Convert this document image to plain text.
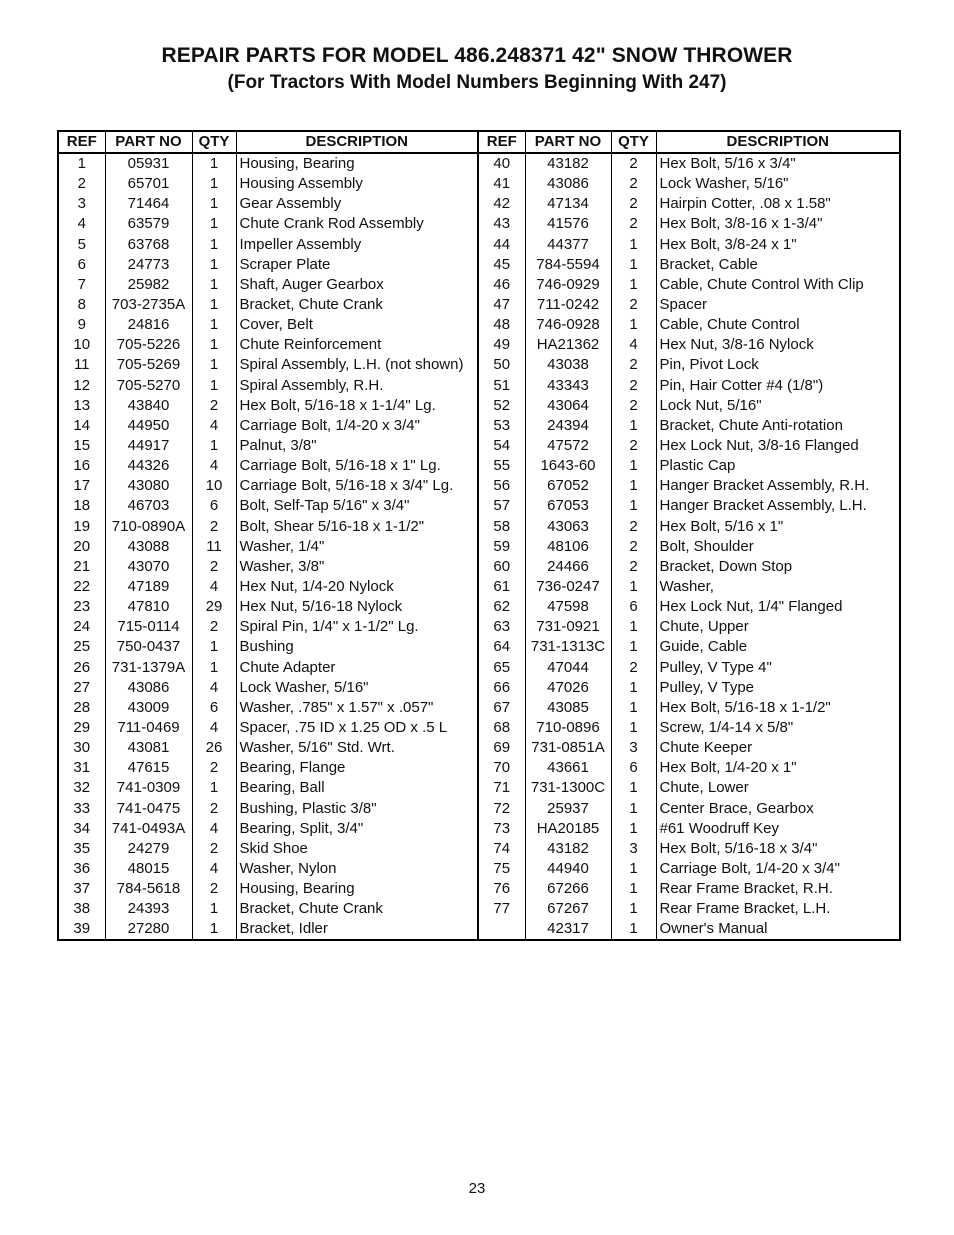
REPAIR PARTS FOR MODEL 486.248371 42" SNOW THROWER
(For Tractors With Model Numbers Beginning With 247)
REF	PART NO	QTY	DESCRIPTION	REF	PART NO	QTY	DESCRIPTION
1	05931	1	Housing, Bearing	40	43182	2	Hex Bolt, 5/16 x 3/4"
2	65701	1	Housing Assembly	41	43086	2	Lock Washer, 5/16"
3	71464	1	Gear Assembly	42	47134	2	Hairpin Cotter, .08 x 1.58"
4	63579	1	Chute Crank Rod Assembly	43	41576	2	Hex Bolt, 3/8-16 x 1-3/4"
5	63768	1	Impeller Assembly	44	44377	1	Hex Bolt, 3/8-24 x 1"
6	24773	1	Scraper Plate	45	784-5594	1	Bracket, Cable
7	25982	1	Shaft, Auger Gearbox	46	746-0929	1	Cable, Chute Control With Clip
8	703-2735A	1	Bracket, Chute Crank	47	711-0242	2	Spacer
9	24816	1	Cover, Belt	48	746-0928	1	Cable, Chute Control
10	705-5226	1	Chute Reinforcement	49	HA21362	4	Hex Nut, 3/8-16 Nylock
11	705-5269	1	Spiral Assembly, L.H. (not shown)	50	43038	2	Pin, Pivot Lock
12	705-5270	1	Spiral Assembly, R.H.	51	43343	2	Pin, Hair Cotter #4 (1/8")
13	43840	2	Hex Bolt, 5/16-18 x 1-1/4" Lg.	52	43064	2	Lock Nut, 5/16"
14	44950	4	Carriage Bolt, 1/4-20 x 3/4"	53	24394	1	Bracket, Chute Anti-rotation
15	44917	1	Palnut, 3/8"	54	47572	2	Hex Lock Nut, 3/8-16 Flanged
16	44326	4	Carriage Bolt, 5/16-18 x 1" Lg.	55	1643-60	1	Plastic Cap
17	43080	10	Carriage Bolt, 5/16-18 x 3/4" Lg.	56	67052	1	Hanger Bracket Assembly, R.H.
18	46703	6	Bolt, Self-Tap 5/16" x 3/4"	57	67053	1	Hanger Bracket Assembly, L.H.
19	710-0890A	2	Bolt, Shear 5/16-18 x 1-1/2"	58	43063	2	Hex Bolt, 5/16 x 1"
20	43088	11	Washer, 1/4"	59	48106	2	Bolt, Shoulder
21	43070	2	Washer, 3/8"	60	24466	2	Bracket, Down Stop
22	47189	4	Hex Nut, 1/4-20 Nylock	61	736-0247	1	Washer,
23	47810	29	Hex Nut, 5/16-18 Nylock	62	47598	6	Hex Lock Nut, 1/4" Flanged
24	715-0114	2	Spiral Pin, 1/4" x 1-1/2" Lg.	63	731-0921	1	Chute, Upper
25	750-0437	1	Bushing	64	731-1313C	1	Guide, Cable
26	731-1379A	1	Chute Adapter	65	47044	2	Pulley, V Type 4"
27	43086	4	Lock Washer, 5/16"	66	47026	1	Pulley, V Type
28	43009	6	Washer, .785" x 1.57" x .057"	67	43085	1	Hex Bolt, 5/16-18 x 1-1/2"
29	711-0469	4	Spacer, .75 ID x 1.25 OD x .5 L	68	710-0896	1	Screw, 1/4-14 x 5/8"
30	43081	26	Washer, 5/16" Std. Wrt.	69	731-0851A	3	Chute Keeper
31	47615	2	Bearing, Flange	70	43661	6	Hex Bolt, 1/4-20 x 1"
32	741-0309	1	Bearing, Ball	71	731-1300C	1	Chute, Lower
33	741-0475	2	Bushing, Plastic 3/8"	72	25937	1	Center Brace, Gearbox
34	741-0493A	4	Bearing, Split, 3/4"	73	HA20185	1	#61 Woodruff Key
35	24279	2	Skid Shoe	74	43182	3	Hex Bolt, 5/16-18 x 3/4"
36	48015	4	Washer, Nylon	75	44940	1	Carriage Bolt, 1/4-20 x 3/4"
37	784-5618	2	Housing, Bearing	76	67266	1	Rear Frame Bracket, R.H.
38	24393	1	Bracket, Chute Crank	77	67267	1	Rear Frame Bracket, L.H.
39	27280	1	Bracket, Idler		42317	1	Owner's Manual
23
